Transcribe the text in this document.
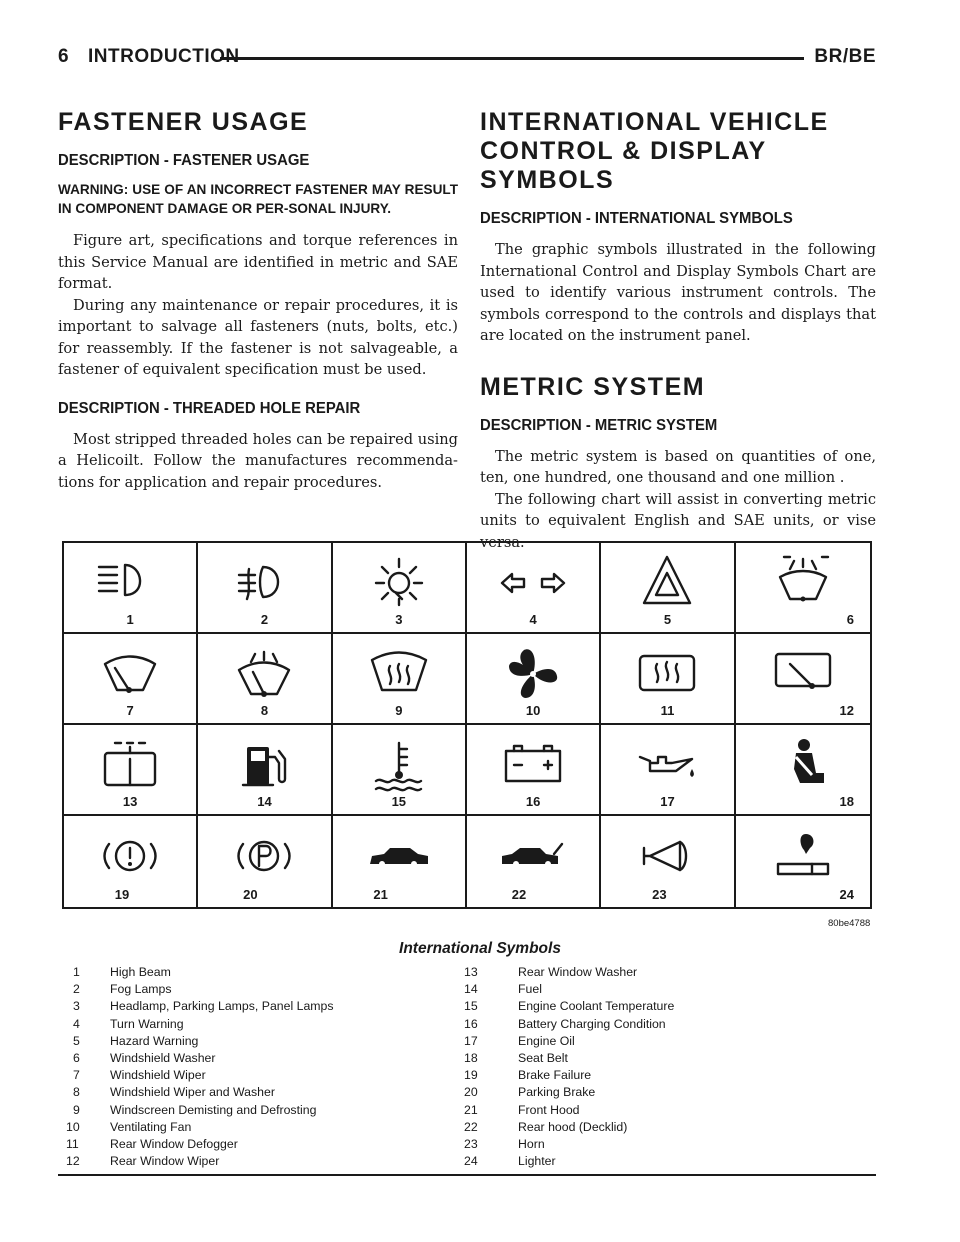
6 INTRODUCTION	BR/BE
FASTENER USAGE
DESCRIPTION - FASTENER USAGE

WARNING: USE OF AN INCORRECT FASTENER MAY RESULT IN COMPONENT DAMAGE OR PER-SONAL INJURY.

Figure art, specifications and torque references in this Service Manual are identified in metric and SAE format.

During any maintenance or repair procedures, it is important to salvage all fasteners (nuts, bolts, etc.) for reassembly. If the fastener is not salvageable, a fastener of equivalent specification must be used.

DESCRIPTION - THREADED HOLE REPAIR

Most stripped threaded holes can be repaired using a Helicoilt. Follow the manufactures recommenda-tions for application and repair procedures.

INTERNATIONAL VEHICLE CONTROL & DISPLAY SYMBOLS
DESCRIPTION - INTERNATIONAL SYMBOLS

The graphic symbols illustrated in the following International Control and Display Symbols Chart are used to identify various instrument controls. The symbols correspond to the controls and displays that are located on the instrument panel.

METRIC SYSTEM
DESCRIPTION - METRIC SYSTEM

The metric system is based on quantities of one, ten, one hundred, one thousand and one million .

The following chart will assist in converting metric units to equivalent English and SAE units, or vise versa.

1	2	3	4	5	6
7	8	9	10	11	12
13	14	15	16	17	18
19	20	21	22	23	24
80be4788
International Symbols
1 High Beam
2 Fog Lamps
3 Headlamp, Parking Lamps, Panel Lamps
4 Turn Warning
5 Hazard Warning
6 Windshield Washer
7 Windshield Wiper
8 Windshield Wiper and Washer
9 Windscreen Demisting and Defrosting
10 Ventilating Fan
11	Rear Window Defogger
12 Rear Window Wiper
13	Rear Window Washer
14	Fuel
15	Engine Coolant Temperature
16	Battery Charging Condition
17	Engine Oil
18	Seat Belt
19	Brake Failure
20	Parking Brake
21	Front Hood
22	Rear hood (Decklid)
23	Horn
24	Lighter
